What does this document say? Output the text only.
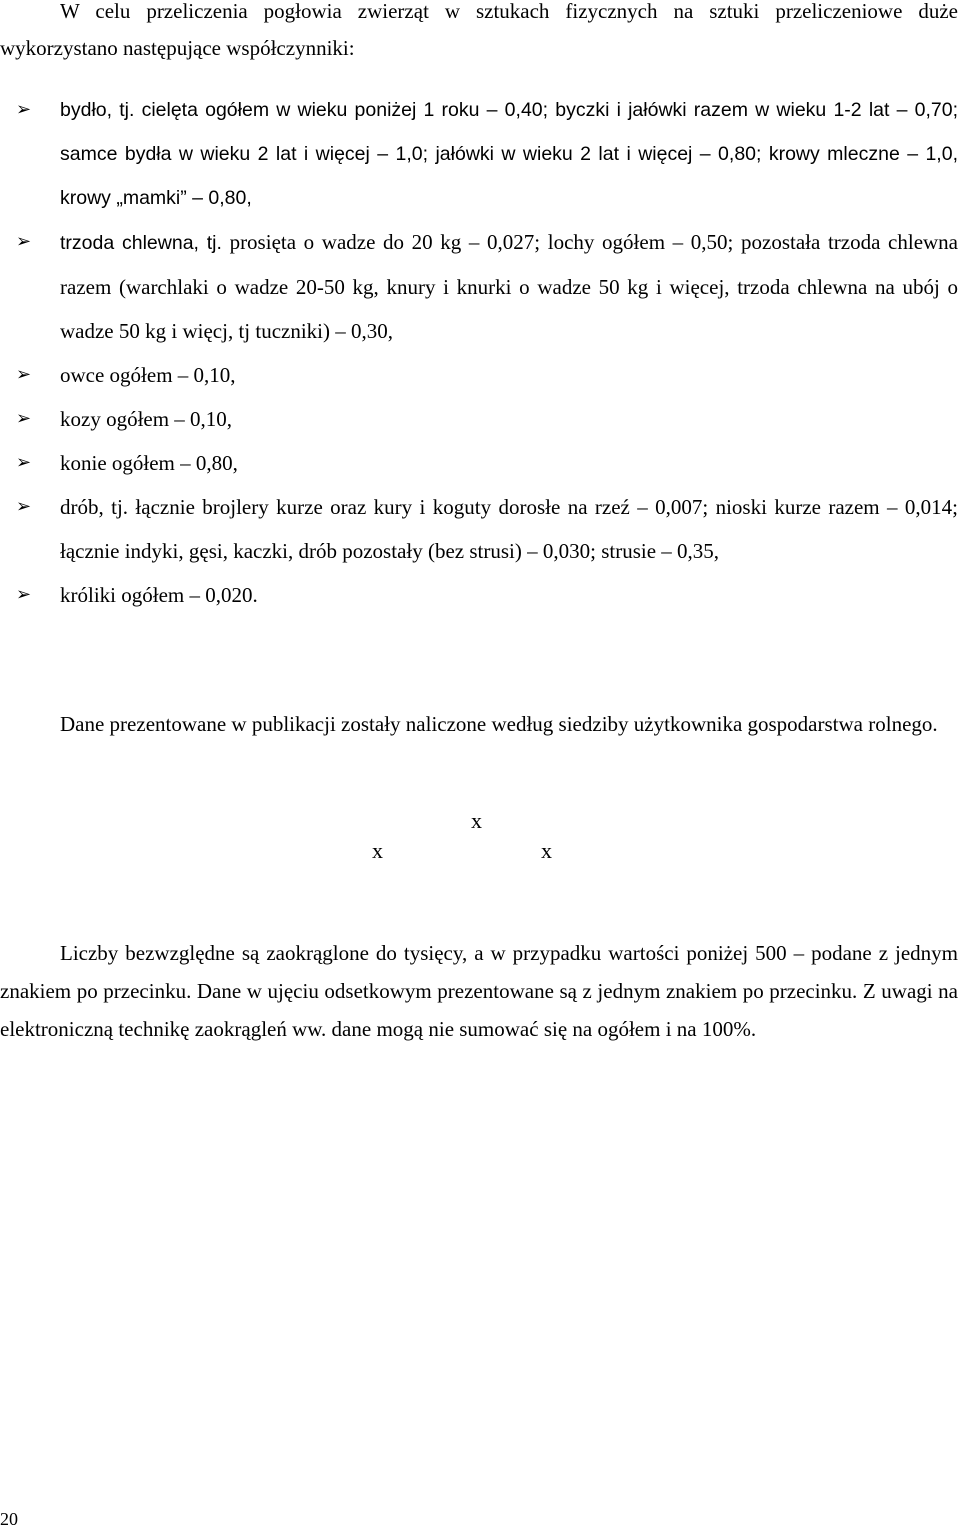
W celu przeliczenia pogłowia zwierząt w sztukach fizycznych na sztuki przeliczeniowe duże wykorzystano następujące współczynniki:

➢	bydło, tj. cielęta ogółem w wieku poniżej 1 roku – 0,40; byczki i jałówki razem w wieku 1-2 lat – 0,70; samce bydła w wieku 2 lat i więcej – 1,0; jałówki w wieku 2 lat i więcej – 0,80; krowy mleczne – 1,0, krowy „mamki” – 0,80,
➢	trzoda chlewna, tj. prosięta o wadze do 20 kg – 0,027; lochy ogółem – 0,50; pozostała trzoda chlewna razem (warchlaki o wadze 20-50 kg, knury i knurki o wadze 50 kg i więcej, trzoda chlewna na ubój o wadze 50 kg i więcj, tj tuczniki) – 0,30,
➢	owce ogółem – 0,10,
➢	kozy ogółem – 0,10,
➢	konie ogółem – 0,80,
➢	drób, tj. łącznie brojlery kurze oraz kury i koguty dorosłe na rzeź – 0,007; nioski kurze razem – 0,014; łącznie indyki, gęsi, kaczki, drób pozostały (bez strusi) – 0,030; strusie – 0,35,
➢	króliki ogółem – 0,020.

Dane prezentowane w publikacji zostały naliczone według siedziby użytkownika gospodarstwa rolnego.

x
x
x

Liczby bezwzględne są zaokrąglone do tysięcy, a w przypadku wartości poniżej 500 – podane z jednym znakiem po przecinku. Dane w ujęciu odsetkowym prezentowane są z jednym znakiem po przecinku. Z uwagi na elektroniczną technikę zaokrągleń ww. dane mogą nie sumować się na ogółem i na 100%.

20
